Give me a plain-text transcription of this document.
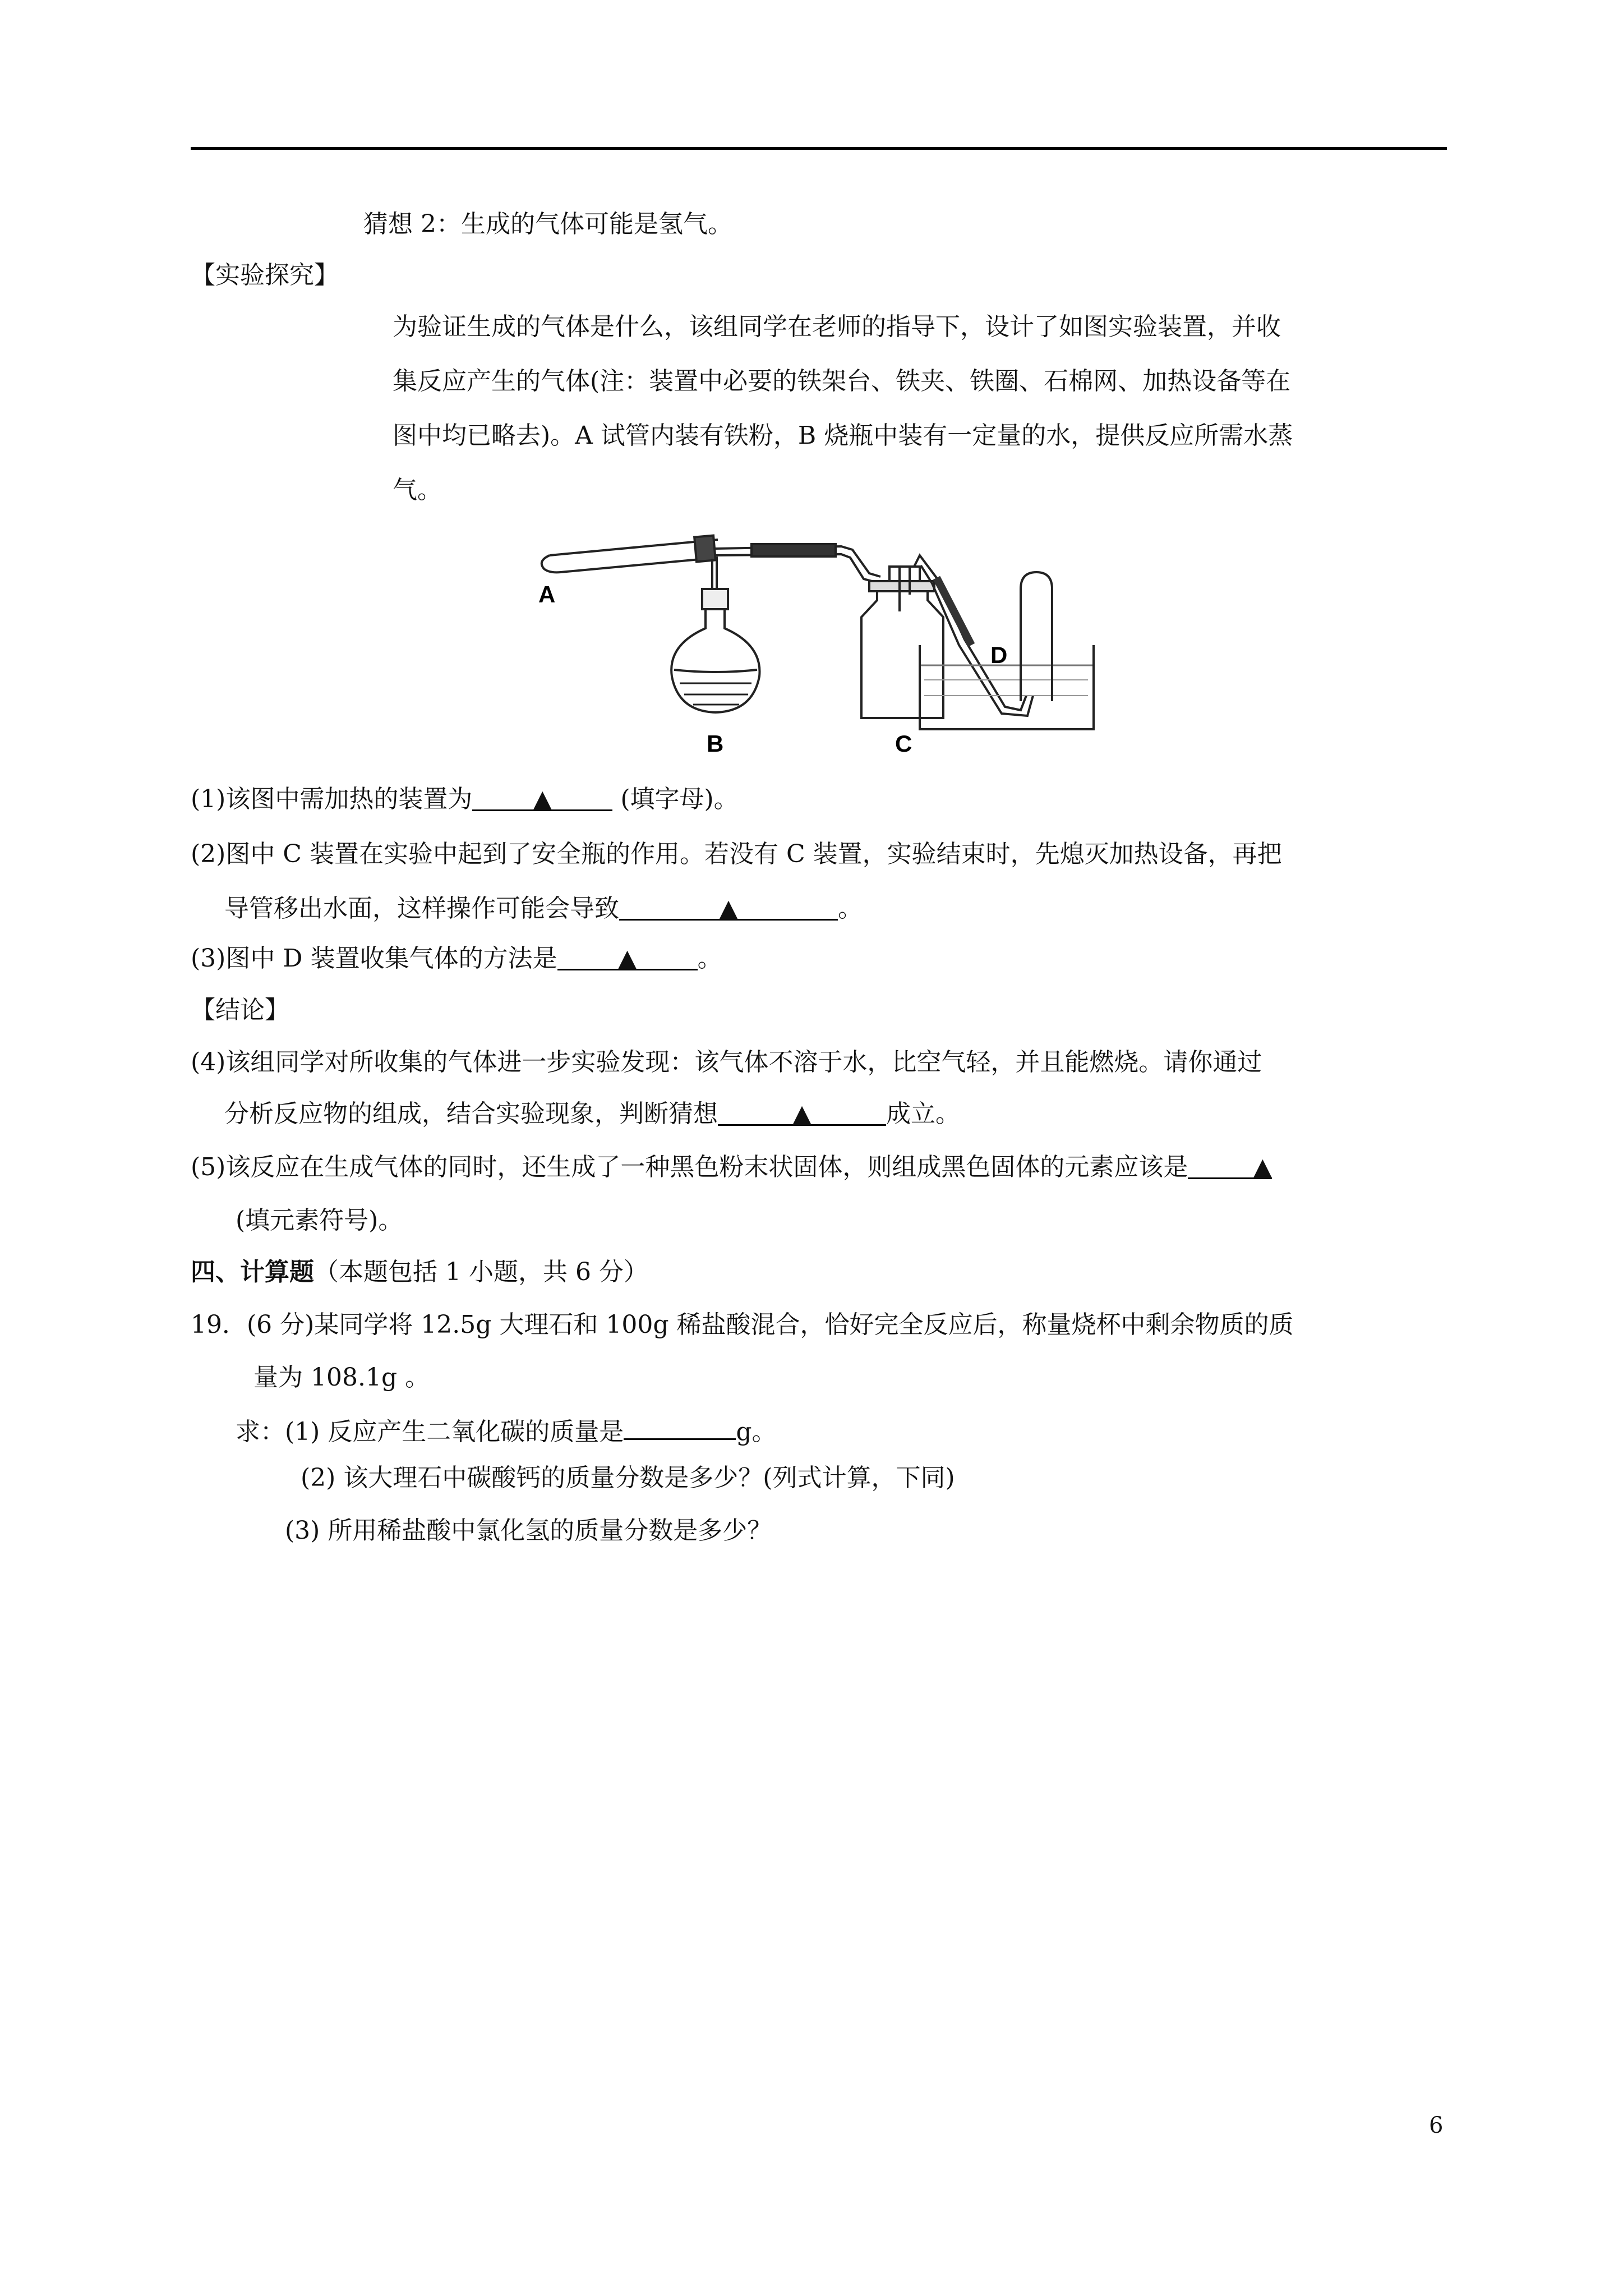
猜想 2：生成的气体可能是氢气。
【实验探究】
为验证生成的气体是什么，该组同学在老师的指导下，设计了如图实验装置，并收
集反应产生的气体(注：装置中必要的铁架台、铁夹、铁圈、石棉网、加热设备等在
图中均已略去)。A 试管内装有铁粉，B 烧瓶中装有一定量的水，提供反应所需水蒸
气。
A
B	C
D
(1)该图中需加热的装置为 ▲	(填字母)。
(2)图中 C 装置在实验中起到了安全瓶的作用。若没有 C 装置，实验结束时，先熄灭加热设备，再把
导管移出水面，这样操作可能会导致	▲	。
(3)图中 D 装置收集气体的方法是 ▲ 。
【结论】
(4)该组同学对所收集的气体进一步实验发现：该气体不溶于水，比空气轻，并且能燃烧。请你通过
分析反应物的组成，结合实验现象，判断猜想	▲	成立。
(5)该反应在生成气体的同时，还生成了一种黑色粉末状固体，则组成黑色固体的元素应该是	▲
(填元素符号)。
四、计算题（本题包括 1 小题，共 6 分）
19．(6 分)某同学将 12.5g 大理石和 100g 稀盐酸混合，恰好完全反应后，称量烧杯中剩余物质的质
量为 108.1g 。
求：(1) 反应产生二氧化碳的质量是	g。
(2) 该大理石中碳酸钙的质量分数是多少？(列式计算，下同)
(3) 所用稀盐酸中氯化氢的质量分数是多少？
6
